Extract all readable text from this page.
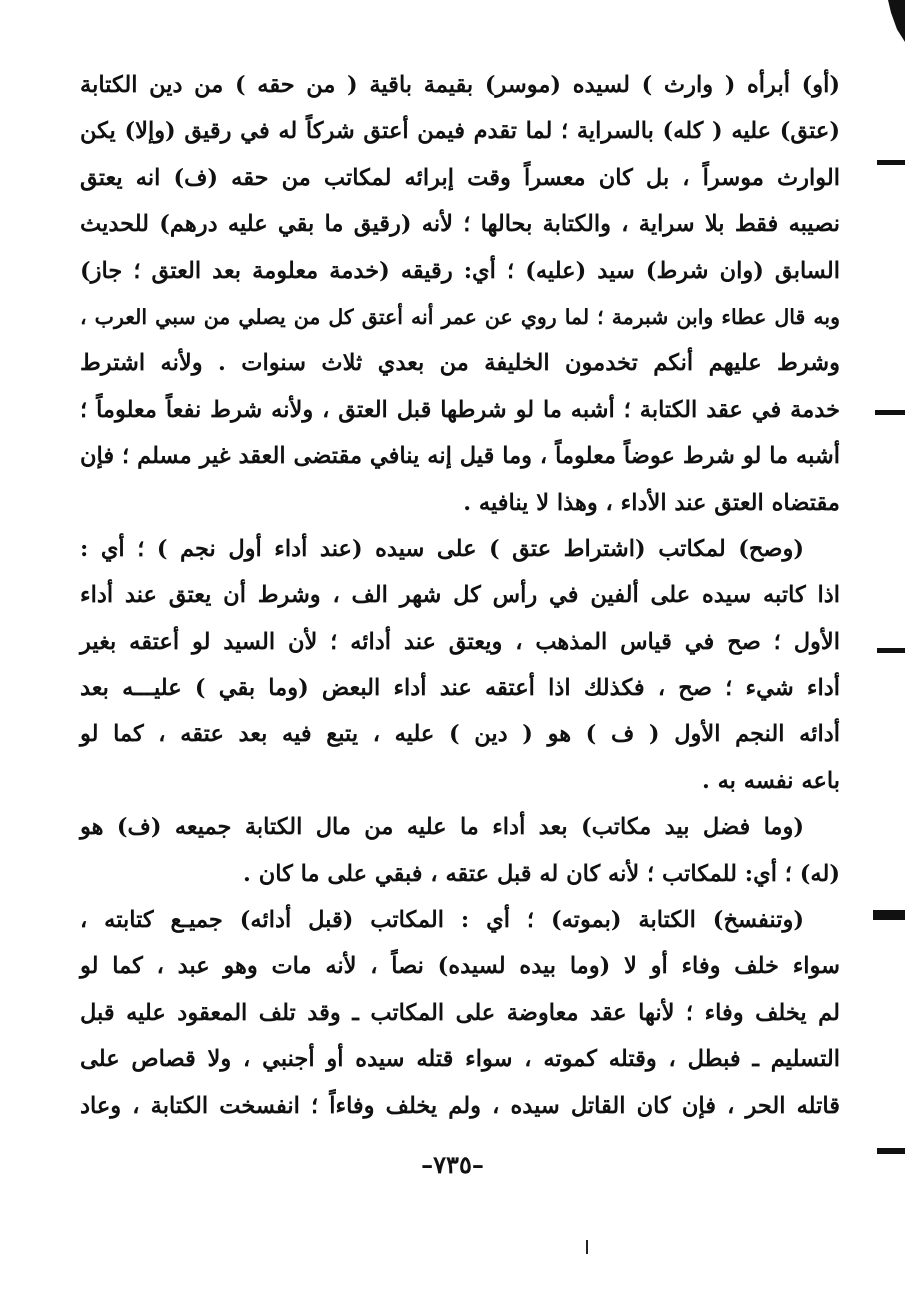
(أو) أبرأه ( وارث ) لسيده (موسر) بقيمة باقية ( من حقه ) من دين الكتابة
(عتق) عليه ( كله) بالسراية ؛ لما تقدم فيمن أعتق شركاً له في رقيق (وإلا) يكن
الوارث موسراً ، بل كان معسراً وقت إبرائه لمكاتب من حقه (ف) انه يعتق
نصيبه فقط بلا سراية ، والكتابة بحالها ؛ لأنه (رقيق ما بقي عليه درهم) للحديث
السابق (وان شرط) سيد (عليه) ؛ أي: رقيقه (خدمة معلومة بعد العتق ؛ جاز)
وبه قال عطاء وابن شبرمة ؛ لما روي عن عمر أنه أعتق كل من يصلي من سبي العرب ،
وشرط عليهم أنكم تخدمون الخليفة من بعدي ثلاث سنوات . ولأنه اشترط
خدمة في عقد الكتابة ؛ أشبه ما لو شرطها قبل العتق ، ولأنه شرط نفعاً معلوماً ؛
أشبه ما لو شرط عوضاً معلوماً ، وما قيل إنه ينافي مقتضى العقد غير مسلم ؛ فإن
مقتضاه العتق عند الأداء ، وهذا لا ينافيه .
(وصح) لمكاتب (اشتراط عتق ) على سيده (عند أداء أول نجم ) ؛ أي :
اذا كاتبه سيده على ألفين في رأس كل شهر الف ، وشرط أن يعتق عند أداء
الأول ؛ صح في قياس المذهب ، ويعتق عند أدائه ؛ لأن السيد لو أعتقه بغير
أداء شيء ؛ صح ، فكذلك اذا أعتقه عند أداء البعض (وما بقي ) عليـــه بعد
أدائه النجم الأول ( ف ) هو ( دين ) عليه ، يتبع فيه بعد عتقه ، كما لو
باعه نفسه به .
(وما فضل بيد مكاتب) بعد أداء ما عليه من مال الكتابة جميعه (ف) هو
(له) ؛ أي: للمكاتب ؛ لأنه كان له قبل عتقه ، فبقي على ما كان .
(وتنفسخ) الكتابة (بموته) ؛ أي : المكاتب (قبل أدائه) جميـع كتابته ،
سواء خلف وفاء أو لا (وما بيده لسيده) نصاً ، لأنه مات وهو عبد ، كما لو
لم يخلف وفاء ؛ لأنها عقد معاوضة على المكاتب ـ وقد تلف المعقود عليه قبل
التسليم ـ فبطل ، وقتله كموته ، سواء قتله سيده أو أجنبي ، ولا قصاص على
قاتله الحر ، فإن كان القاتل سيده ، ولم يخلف وفاءاً ؛ انفسخت الكتابة ، وعاد
–٧٣٥–
